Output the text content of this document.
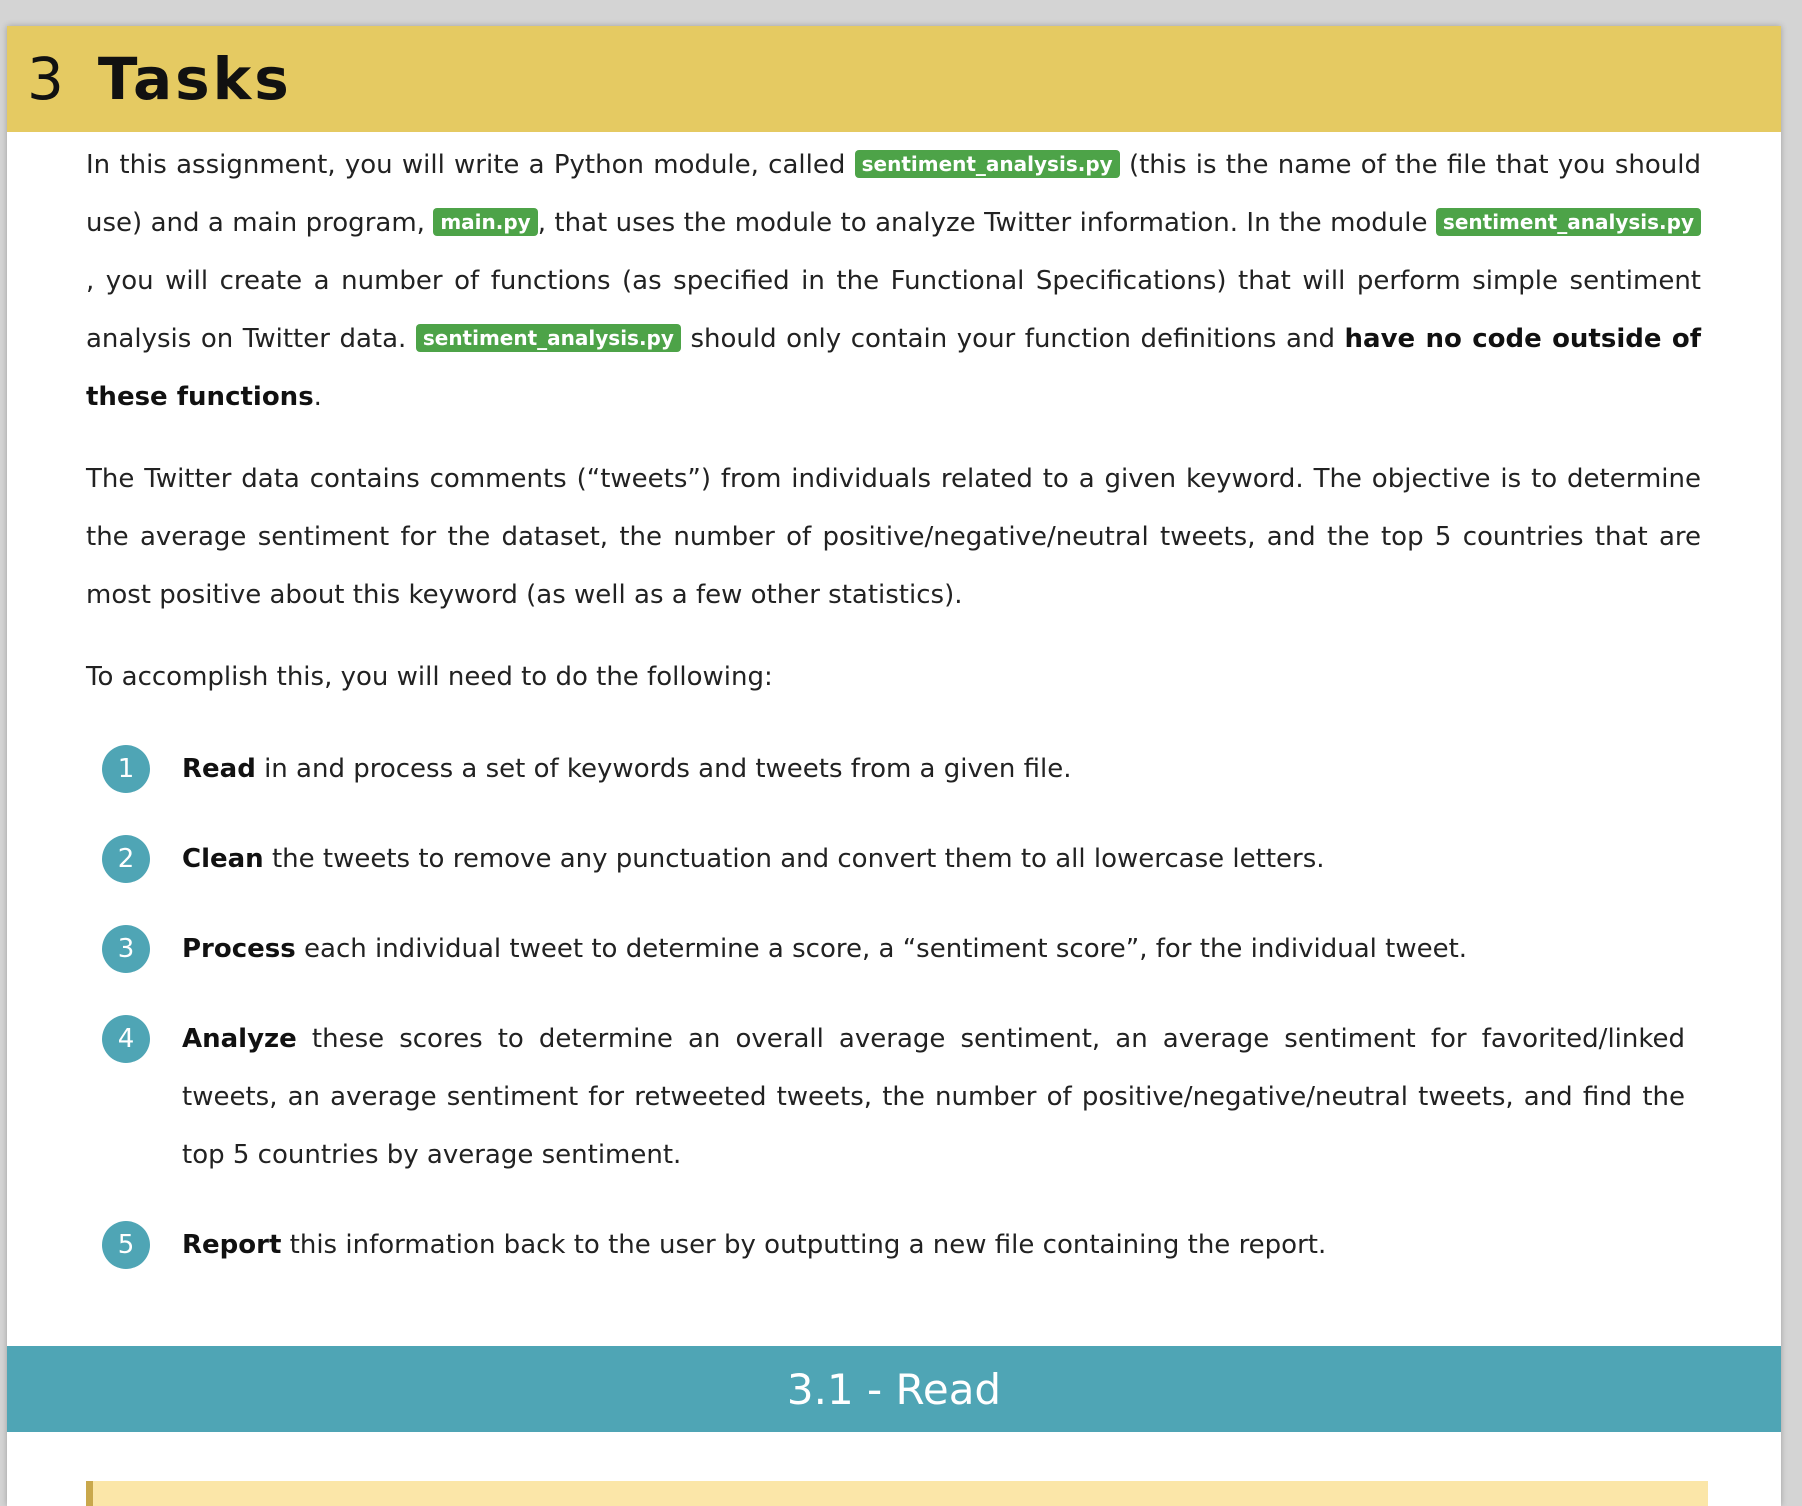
3 Tasks

In this assignment, you will write a Python module, called sentiment_analysis.py (this is the name of the file that you should use) and a main program, main.py , that uses the module to analyze Twitter information. In the module sentiment_analysis.py, you will create a number of functions (as specified in the Functional Specifications) that will perform simple sentiment analysis on Twitter data. sentiment_analysis.py should only contain your function definitions and have no code outside of these functions.

The Twitter data contains comments (“tweets”) from individuals related to a given keyword. The objective is to determine the average sentiment for the dataset, the number of positive/negative/neutral tweets, and the top 5 countries that are most positive about this keyword (as well as a few other statistics).

To accomplish this, you will need to do the following:

1	Read in and process a set of keywords and tweets from a given file.
2	Clean the tweets to remove any punctuation and convert them to all lowercase letters.
3	Process each individual tweet to determine a score, a “sentiment score”, for the individual tweet.
4	Analyze these scores to determine an overall average sentiment, an average sentiment for favorited/linked tweets, an average sentiment for retweeted tweets, the number of positive/negative/neutral tweets, and find the top 5 countries by average sentiment.
5	Report this information back to the user by outputting a new file containing the report.
3.1 - Read
